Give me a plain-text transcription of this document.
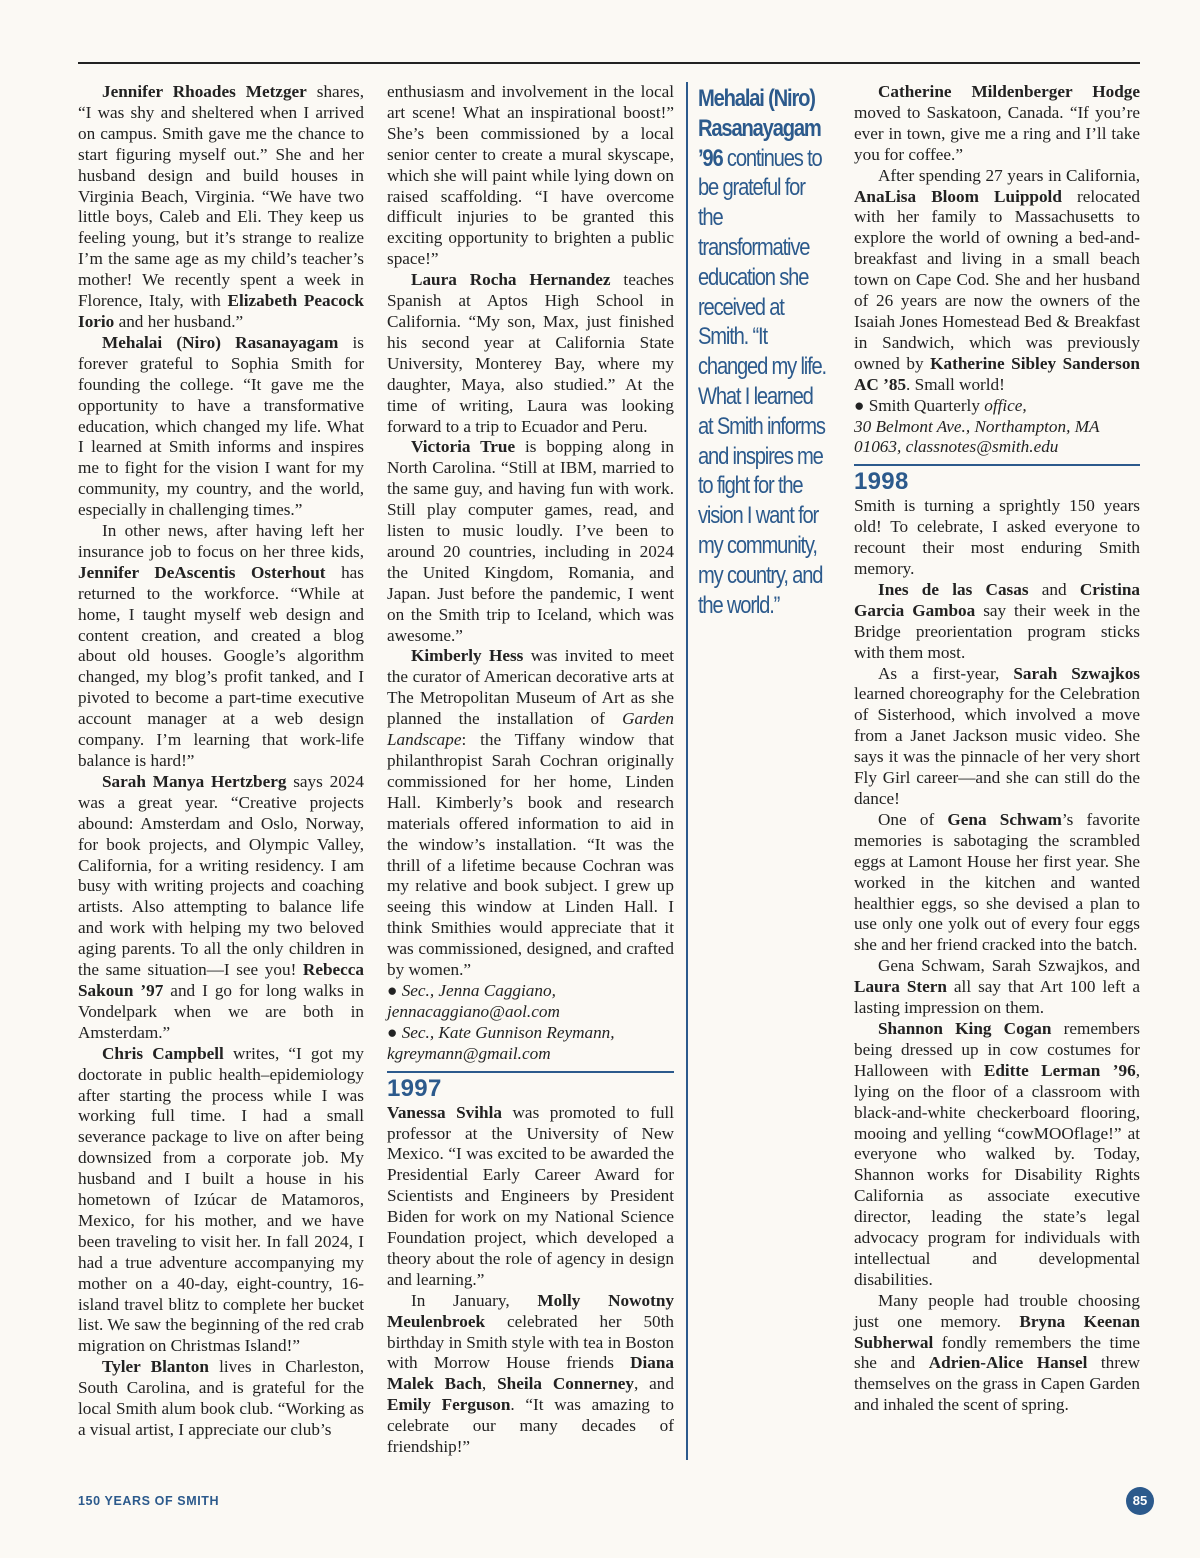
Jennifer Rhoades Metzger shares, “I was shy and sheltered when I arrived on campus. Smith gave me the chance to start figuring myself out.” She and her husband design and build houses in Virginia Beach, Virginia. “We have two little boys, Caleb and Eli. They keep us feeling young, but it’s strange to realize I’m the same age as my child’s teacher’s mother! We recently spent a week in Florence, Italy, with Elizabeth Peacock Iorio and her husband.”

Mehalai (Niro) Rasanayagam is forever grateful to Sophia Smith for founding the college. “It gave me the opportunity to have a transformative education, which changed my life. What I learned at Smith informs and inspires me to fight for the vision I want for my community, my country, and the world, especially in challenging times.”

In other news, after having left her insurance job to focus on her three kids, Jennifer DeAscentis Osterhout has returned to the workforce. “While at home, I taught myself web design and content creation, and created a blog about old houses. Google’s algorithm changed, my blog’s profit tanked, and I pivoted to become a part-time executive account manager at a web design company. I’m learning that work-life balance is hard!”

Sarah Manya Hertzberg says 2024 was a great year. “Creative projects abound: Amsterdam and Oslo, Norway, for book projects, and Olympic Valley, California, for a writing residency. I am busy with writing projects and coaching artists. Also attempting to balance life and work with helping my two beloved aging parents. To all the only children in the same situation—I see you! Rebecca Sakoun ’97 and I go for long walks in Vondelpark when we are both in Amsterdam.”

Chris Campbell writes, “I got my doctorate in public health–epidemiology after starting the process while I was working full time. I had a small severance package to live on after being downsized from a corporate job. My husband and I built a house in his hometown of Izúcar de Matamoros, Mexico, for his mother, and we have been traveling to visit her. In fall 2024, I had a true adventure accompanying my mother on a 40-day, eight-country, 16-island travel blitz to complete her bucket list. We saw the beginning of the red crab migration on Christmas Island!”

Tyler Blanton lives in Charleston, South Carolina, and is grateful for the local Smith alum book club. “Working as a visual artist, I appreciate our club’s

enthusiasm and involvement in the local art scene! What an inspirational boost!” She’s been commissioned by a local senior center to create a mural skyscape, which she will paint while lying down on raised scaffolding. “I have overcome difficult injuries to be granted this exciting opportunity to brighten a public space!”

Laura Rocha Hernandez teaches Spanish at Aptos High School in California. “My son, Max, just finished his second year at California State University, Monterey Bay, where my daughter, Maya, also studied.” At the time of writing, Laura was looking forward to a trip to Ecuador and Peru.

Victoria True is bopping along in North Carolina. “Still at IBM, married to the same guy, and having fun with work. Still play computer games, read, and listen to music loudly. I’ve been to around 20 countries, including in 2024 the United Kingdom, Romania, and Japan. Just before the pandemic, I went on the Smith trip to Iceland, which was awesome.”

Kimberly Hess was invited to meet the curator of American decorative arts at The Metropolitan Museum of Art as she planned the installation of Garden Landscape: the Tiffany window that philanthropist Sarah Cochran originally commissioned for her home, Linden Hall. Kimberly’s book and research materials offered information to aid in the window’s installation. “It was the thrill of a lifetime because Cochran was my relative and book subject. I grew up seeing this window at Linden Hall. I think Smithies would appreciate that it was commissioned, designed, and crafted by women.”

● Sec., Jenna Caggiano,
jennacaggiano@aol.com

● Sec., Kate Gunnison Reymann,
kgreymann@gmail.com

1997

Vanessa Svihla was promoted to full professor at the University of New Mexico. “I was excited to be awarded the Presidential Early Career Award for Scientists and Engineers by President Biden for work on my National Science Foundation project, which developed a theory about the role of agency in design and learning.”

In January, Molly Nowotny Meulenbroek celebrated her 50th birthday in Smith style with tea in Boston with Morrow House friends Diana Malek Bach, Sheila Connerney, and Emily Ferguson. “It was amazing to celebrate our many decades of friendship!”

Mehalai (Niro) Rasanayagam ’96 continues to be grateful for the transformative education she received at Smith. “It changed my life. What I learned at Smith informs and inspires me to fight for the vision I want for my community, my country, and the world.”

Catherine Mildenberger Hodge moved to Saskatoon, Canada. “If you’re ever in town, give me a ring and I’ll take you for coffee.”

After spending 27 years in California, AnaLisa Bloom Luippold relocated with her family to Massachusetts to explore the world of owning a bed-and-breakfast and living in a small beach town on Cape Cod. She and her husband of 26 years are now the owners of the Isaiah Jones Homestead Bed & Breakfast in Sandwich, which was previously owned by Katherine Sibley Sanderson AC ’85. Small world!

● Smith Quarterly office,
30 Belmont Ave., Northampton, MA
01063, classnotes@smith.edu

1998

Smith is turning a sprightly 150 years old! To celebrate, I asked everyone to recount their most enduring Smith memory.

Ines de las Casas and Cristina Garcia Gamboa say their week in the Bridge preorientation program sticks with them most.

As a first-year, Sarah Szwajkos learned choreography for the Celebration of Sisterhood, which involved a move from a Janet Jackson music video. She says it was the pinnacle of her very short Fly Girl career—and she can still do the dance!

One of Gena Schwam’s favorite memories is sabotaging the scrambled eggs at Lamont House her first year. She worked in the kitchen and wanted healthier eggs, so she devised a plan to use only one yolk out of every four eggs she and her friend cracked into the batch.

Gena Schwam, Sarah Szwajkos, and Laura Stern all say that Art 100 left a lasting impression on them.

Shannon King Cogan remembers being dressed up in cow costumes for Halloween with Editte Lerman ’96, lying on the floor of a classroom with black-and-white checkerboard flooring, mooing and yelling “cowMOOflage!” at everyone who walked by. Today, Shannon works for Disability Rights California as associate executive director, leading the state’s legal advocacy program for individuals with intellectual and developmental disabilities.

Many people had trouble choosing just one memory. Bryna Keenan Subherwal fondly remembers the time she and Adrien-Alice Hansel threw themselves on the grass in Capen Garden and inhaled the scent of spring.

150 YEARS OF SMITH	85
